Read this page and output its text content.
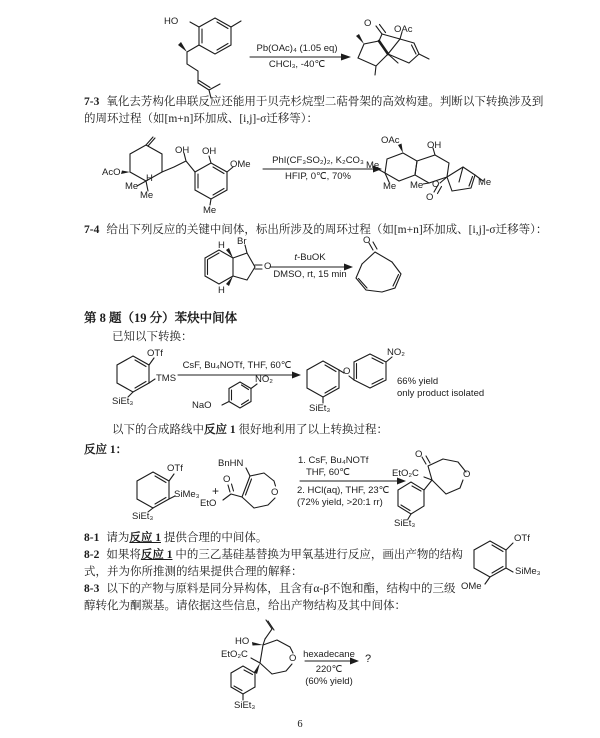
HO	O
OAc
Pb(OAc)₄ (1.05 eq)
CHCl₃, -40℃
7-3 氧化去芳构化串联反应还能用于贝壳杉烷型二萜骨架的高效构建。判断以下转换涉及到
的周环过程（如[m+n]环加成、[i,j]-σ迁移等）：
AcO
Me
Me
H
OH OH
OMe
Me
PhI(CF₃SO₂)₂, K₂CO₃
HFIP, 0℃, 70%
OAc
Me
Me
OH
Me O
O
Me
7-4 给出下列反应的关键中间体，标出所涉及的周环过程（如[m+n]环加成、[i,j]-σ迁移等）：
H Br
O
H
t-BuOK
DMSO, rt, 15 min
O
第 8 题（19 分）苯炔中间体
已知以下转换：
OTf
TMS
SiEt₃
CsF, Bu₄NOTf, THF, 60℃
NO₂
NaO	SiEt₃
O
NO₂
66% yield
only product isolated
以下的合成路线中反应 1 很好地利用了以上转换过程：
反应 1：
OTf
SiMe₃
SiEt₃
+
BnHN
O
EtO
O
1. CsF, Bu₄NOTf
THF, 60℃
2. HCl(aq), THF, 23℃
(72% yield, >20:1 rr)
O
EtO₂C	O
SiEt₃
8-1 请为反应 1 提供合理的中间体。
8-2 如果将反应 1 中的三乙基硅基替换为甲氧基进行反应，画出产物的结构
式，并为你所推测的结果提供合理的解释：
8-3 以下的产物与原料是同分异构体，且含有α-β不饱和酯，结构中的三级
醇转化为酮羰基。请依据这些信息，给出产物结构及其中间体：
OTf
SiMe₃
OMe
HO
EtO₂C	O
SiEt₃
hexadecane
220℃
(60% yield)
?
6
